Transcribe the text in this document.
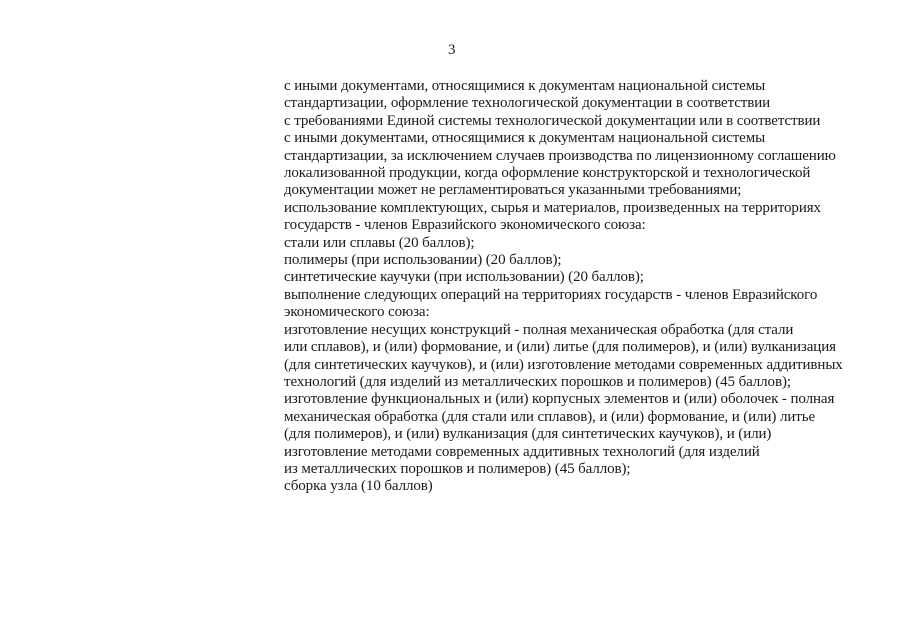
3
с иными документами, относящимися к документам национальной системы
стандартизации, оформление технологической документации в соответствии
с требованиями Единой системы технологической документации или в соответствии
с иными документами, относящимися к документам национальной системы
стандартизации, за исключением случаев производства по лицензионному соглашению
локализованной продукции, когда оформление конструкторской и технологической
документации может не регламентироваться указанными требованиями;
использование комплектующих, сырья и материалов, произведенных на территориях
государств - членов Евразийского экономического союза:
стали или сплавы (20 баллов);
полимеры (при использовании) (20 баллов);
синтетические каучуки (при использовании) (20 баллов);
выполнение следующих операций на территориях государств - членов Евразийского
экономического союза:
изготовление несущих конструкций - полная механическая обработка (для стали
или сплавов), и (или) формование, и (или) литье (для полимеров), и (или) вулканизация
(для синтетических каучуков), и (или) изготовление методами современных аддитивных
технологий (для изделий из металлических порошков и полимеров) (45 баллов);
изготовление функциональных и (или) корпусных элементов и (или) оболочек - полная
механическая обработка (для стали или сплавов), и (или) формование, и (или) литье
(для полимеров), и (или) вулканизация (для синтетических каучуков), и (или)
изготовление методами современных аддитивных технологий (для изделий
из металлических порошков и полимеров) (45 баллов);
сборка узла (10 баллов)
